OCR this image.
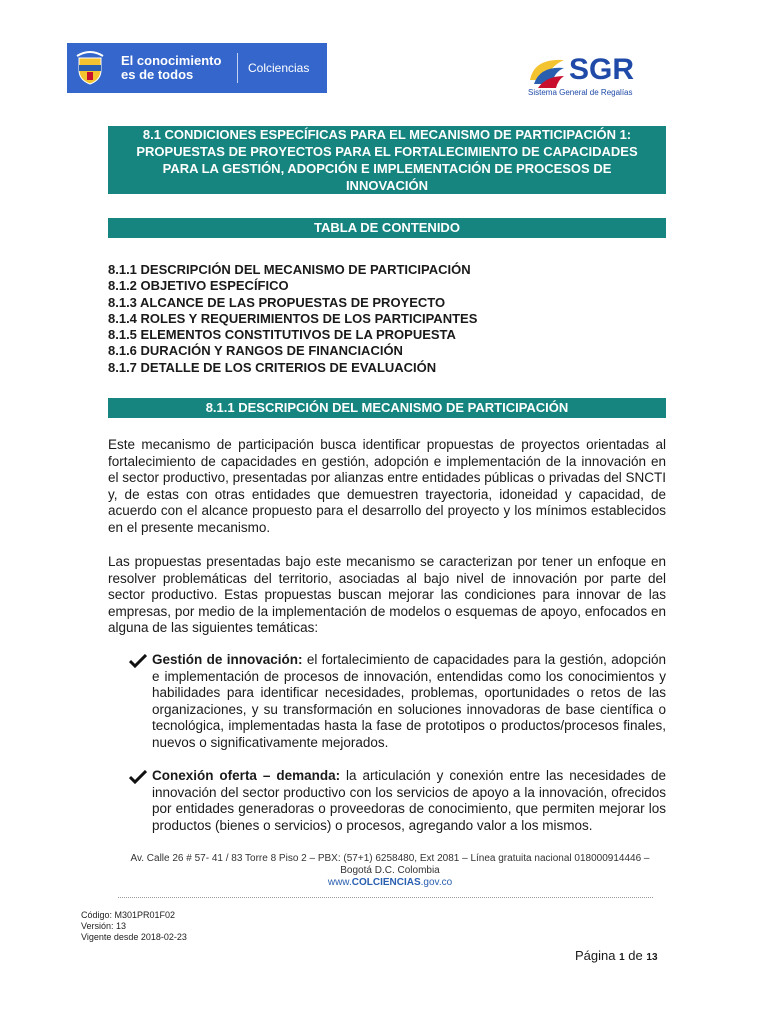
El conocimiento es de todos	Colciencias	SGR
Sistema General de Regalías
8.1 CONDICIONES ESPECÍFICAS PARA EL MECANISMO DE PARTICIPACIÓN 1:
PROPUESTAS DE PROYECTOS PARA EL FORTALECIMIENTO DE CAPACIDADES
PARA LA GESTIÓN, ADOPCIÓN E IMPLEMENTACIÓN DE PROCESOS DE
INNOVACIÓN
TABLA DE CONTENIDO
8.1.1 DESCRIPCIÓN DEL MECANISMO DE PARTICIPACIÓN
8.1.2 OBJETIVO ESPECÍFICO
8.1.3 ALCANCE DE LAS PROPUESTAS DE PROYECTO
8.1.4 ROLES Y REQUERIMIENTOS DE LOS PARTICIPANTES
8.1.5 ELEMENTOS CONSTITUTIVOS DE LA PROPUESTA
8.1.6 DURACIÓN Y RANGOS DE FINANCIACIÓN
8.1.7 DETALLE DE LOS CRITERIOS DE EVALUACIÓN
8.1.1 DESCRIPCIÓN DEL MECANISMO DE PARTICIPACIÓN
Este mecanismo de participación busca identificar propuestas de proyectos orientadas al fortalecimiento de capacidades en gestión, adopción e implementación de la innovación en el sector productivo, presentadas por alianzas entre entidades públicas o privadas del SNCTI y, de estas con otras entidades que demuestren trayectoria, idoneidad y capacidad, de acuerdo con el alcance propuesto para el desarrollo del proyecto y los mínimos establecidos en el presente mecanismo.
Las propuestas presentadas bajo este mecanismo se caracterizan por tener un enfoque en resolver problemáticas del territorio, asociadas al bajo nivel de innovación por parte del sector productivo. Estas propuestas buscan mejorar las condiciones para innovar de las empresas, por medio de la implementación de modelos o esquemas de apoyo, enfocados en alguna de las siguientes temáticas:
Gestión de innovación: el fortalecimiento de capacidades para la gestión, adopción e implementación de procesos de innovación, entendidas como los conocimientos y habilidades para identificar necesidades, problemas, oportunidades o retos de las organizaciones, y su transformación en soluciones innovadoras de base científica o tecnológica, implementadas hasta la fase de prototipos o productos/procesos finales, nuevos o significativamente mejorados.
Conexión oferta – demanda: la articulación y conexión entre las necesidades de innovación del sector productivo con los servicios de apoyo a la innovación, ofrecidos por entidades generadoras o proveedoras de conocimiento, que permiten mejorar los productos (bienes o servicios) o procesos, agregando valor a los mismos.
Av. Calle 26 # 57- 41 / 83 Torre 8 Piso 2 – PBX: (57+1) 6258480, Ext 2081 – Línea gratuita nacional 018000914446 –
Bogotá D.C. Colombia
www.COLCIENCIAS.gov.co
Código: M301PR01F02
Versión: 13
Vigente desde 2018-02-23
Página 1 de 13
